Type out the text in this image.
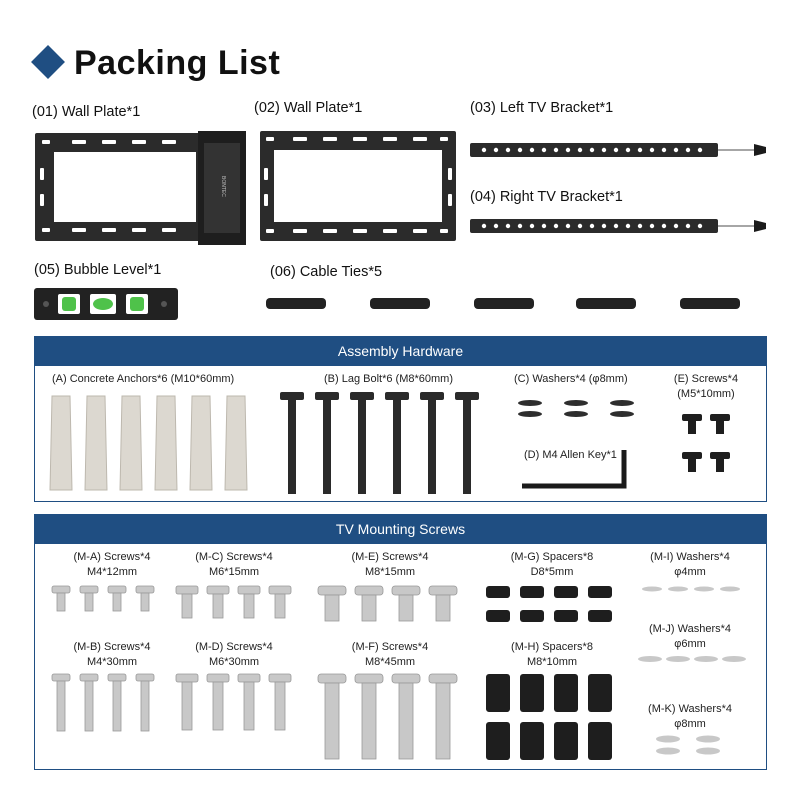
Packing List
(01) Wall Plate*1	(02) Wall Plate*1	(03) Left TV Bracket*1
(04) Right TV Bracket*1
(05) Bubble Level*1	(06) Cable Ties*5
BONTEC
Assembly Hardware
(A) Concrete Anchors*6 (M10*60mm)	(B) Lag Bolt*6 (M8*60mm)	(C) Washers*4 (φ8mm)	(E) Screws*4
(M5*10mm)
(D) M4 Allen Key*1
TV Mounting Screws
(M-A) Screws*4
M4*12mm
(M-C) Screws*4
M6*15mm
(M-E) Screws*4
M8*15mm
(M-G) Spacers*8
D8*5mm
(M-I) Washers*4
φ4mm
(M-B) Screws*4
M4*30mm
(M-D) Screws*4
M6*30mm
(M-F) Screws*4
M8*45mm
(M-H) Spacers*8
M8*10mm
(M-J) Washers*4
φ6mm
(M-K) Washers*4
φ8mm
